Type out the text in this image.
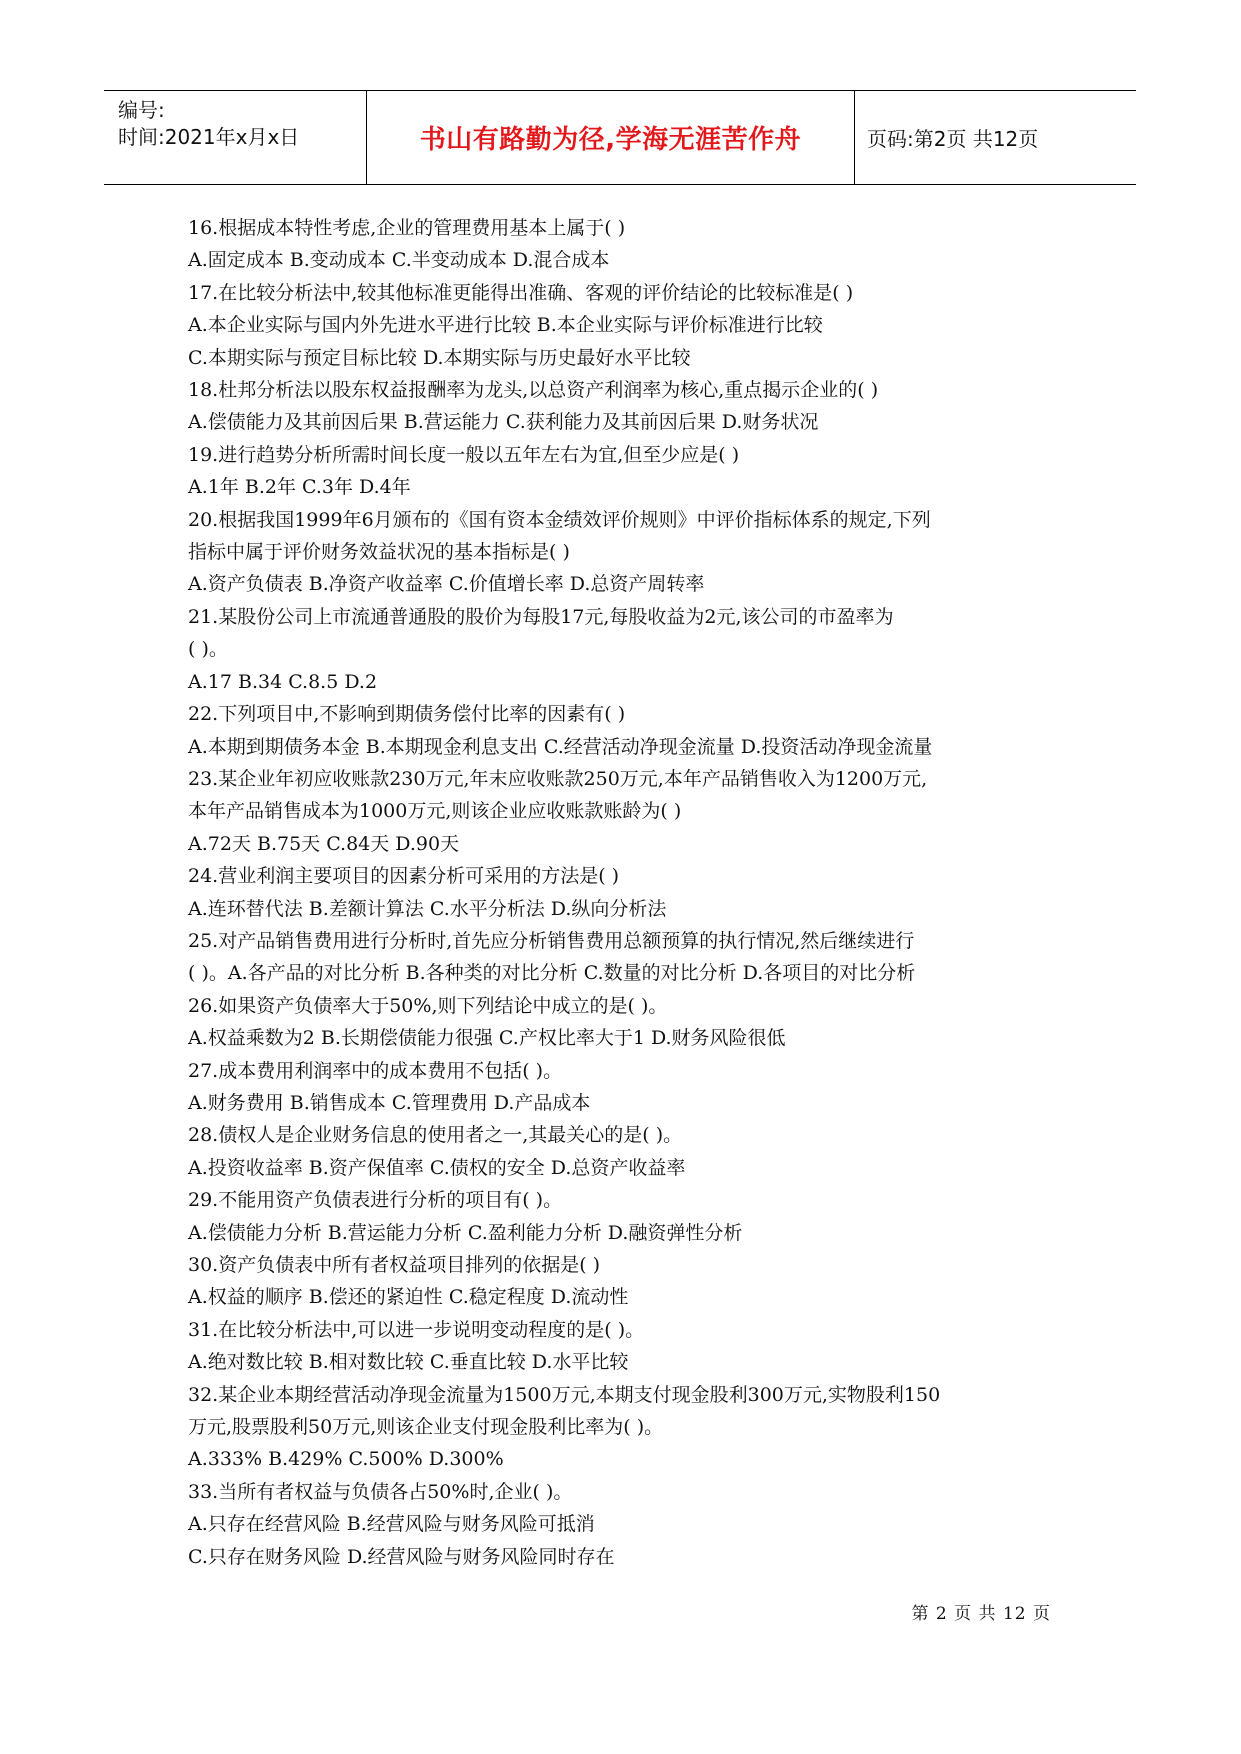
编号:
时间:2021年x月x日	书山有路勤为径,学海无涯苦作舟	页码:第2页 共12页

16.根据成本特性考虑,企业的管理费用基本上属于( )

A.固定成本 B.变动成本 C.半变动成本 D.混合成本

17.在比较分析法中,较其他标准更能得出准确、客观的评价结论的比较标准是( )

A.本企业实际与国内外先进水平进行比较 B.本企业实际与评价标准进行比较

C.本期实际与预定目标比较 D.本期实际与历史最好水平比较

18.杜邦分析法以股东权益报酬率为龙头,以总资产利润率为核心,重点揭示企业的( )

A.偿债能力及其前因后果 B.营运能力 C.获利能力及其前因后果 D.财务状况

19.进行趋势分析所需时间长度一般以五年左右为宜,但至少应是( )

A.1年 B.2年 C.3年 D.4年

20.根据我国1999年6月颁布的《国有资本金绩效评价规则》中评价指标体系的规定,下列

指标中属于评价财务效益状况的基本指标是( )

A.资产负债表 B.净资产收益率 C.价值增长率 D.总资产周转率

21.某股份公司上市流通普通股的股价为每股17元,每股收益为2元,该公司的市盈率为

( )。

A.17 B.34 C.8.5 D.2

22.下列项目中,不影响到期债务偿付比率的因素有( )

A.本期到期债务本金 B.本期现金利息支出 C.经营活动净现金流量 D.投资活动净现金流量

23.某企业年初应收账款230万元,年末应收账款250万元,本年产品销售收入为1200万元,

本年产品销售成本为1000万元,则该企业应收账款账龄为( )

A.72天 B.75天 C.84天 D.90天

24.营业利润主要项目的因素分析可采用的方法是( )

A.连环替代法 B.差额计算法 C.水平分析法 D.纵向分析法

25.对产品销售费用进行分析时,首先应分析销售费用总额预算的执行情况,然后继续进行

( )。A.各产品的对比分析 B.各种类的对比分析 C.数量的对比分析 D.各项目的对比分析

26.如果资产负债率大于50%,则下列结论中成立的是( )。

A.权益乘数为2 B.长期偿债能力很强 C.产权比率大于1 D.财务风险很低

27.成本费用利润率中的成本费用不包括( )。

A.财务费用 B.销售成本 C.管理费用 D.产品成本

28.债权人是企业财务信息的使用者之一,其最关心的是( )。

A.投资收益率 B.资产保值率 C.债权的安全 D.总资产收益率

29.不能用资产负债表进行分析的项目有( )。

A.偿债能力分析 B.营运能力分析 C.盈利能力分析 D.融资弹性分析

30.资产负债表中所有者权益项目排列的依据是( )

A.权益的顺序 B.偿还的紧迫性 C.稳定程度 D.流动性

31.在比较分析法中,可以进一步说明变动程度的是( )。

A.绝对数比较 B.相对数比较 C.垂直比较 D.水平比较

32.某企业本期经营活动净现金流量为1500万元,本期支付现金股利300万元,实物股利150

万元,股票股利50万元,则该企业支付现金股利比率为( )。

A.333% B.429% C.500% D.300%

33.当所有者权益与负债各占50%时,企业( )。

A.只存在经营风险 B.经营风险与财务风险可抵消

C.只存在财务风险 D.经营风险与财务风险同时存在

第 2 页 共 12 页
